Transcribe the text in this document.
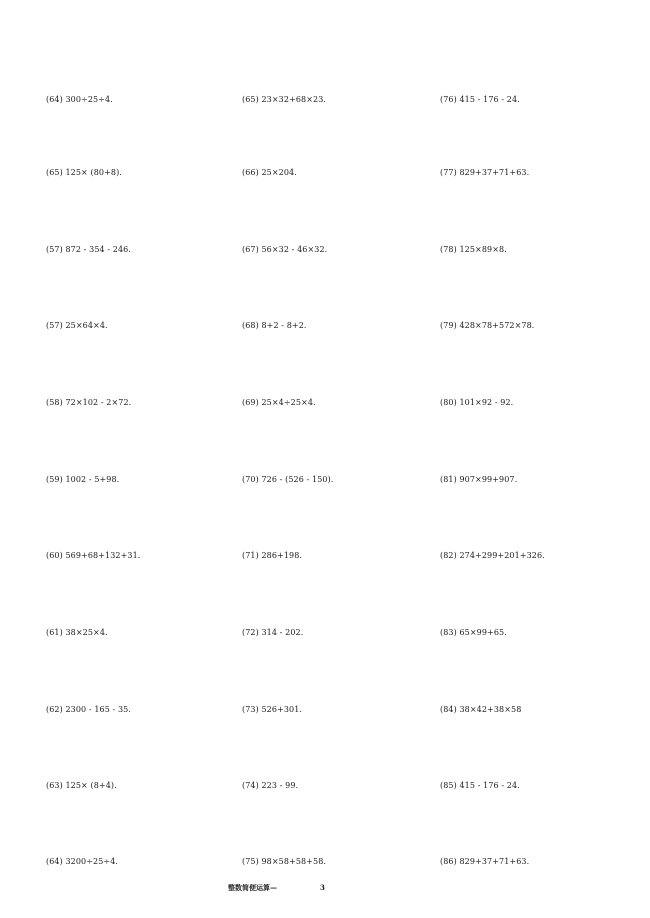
(64) 300÷25÷4.	(65) 23×32+68×23.	(76) 415 - 176 - 24.
(65) 125× (80+8).	(66) 25×204.	(77) 829+37+71+63.
(57) 872 - 354 - 246.	(67) 56×32 - 46×32.	(78) 125×89×8.
(57) 25×64×4.	(68) 8+2 - 8+2.	(79) 428×78+572×78.
(58) 72×102 - 2×72.	(69) 25×4÷25×4.	(80) 101×92 - 92.
(59) 1002 - 5+98.	(70) 726 - (526 - 150).	(81) 907×99+907.
(60) 569+68+132+31.	(71) 286+198.	(82) 274+299+201+326.
(61) 38×25×4.	(72) 314 - 202.	(83) 65×99+65.
(62) 2300 - 165 - 35.	(73) 526+301.	(84) 38×42+38×58
(63) 125× (8+4).	(74) 223 - 99.	(85) 415 - 176 - 24.
(64) 3200÷25÷4.	(75) 98×58+58+58.	(86) 829+37+71+63.
整数简便运算—	3
